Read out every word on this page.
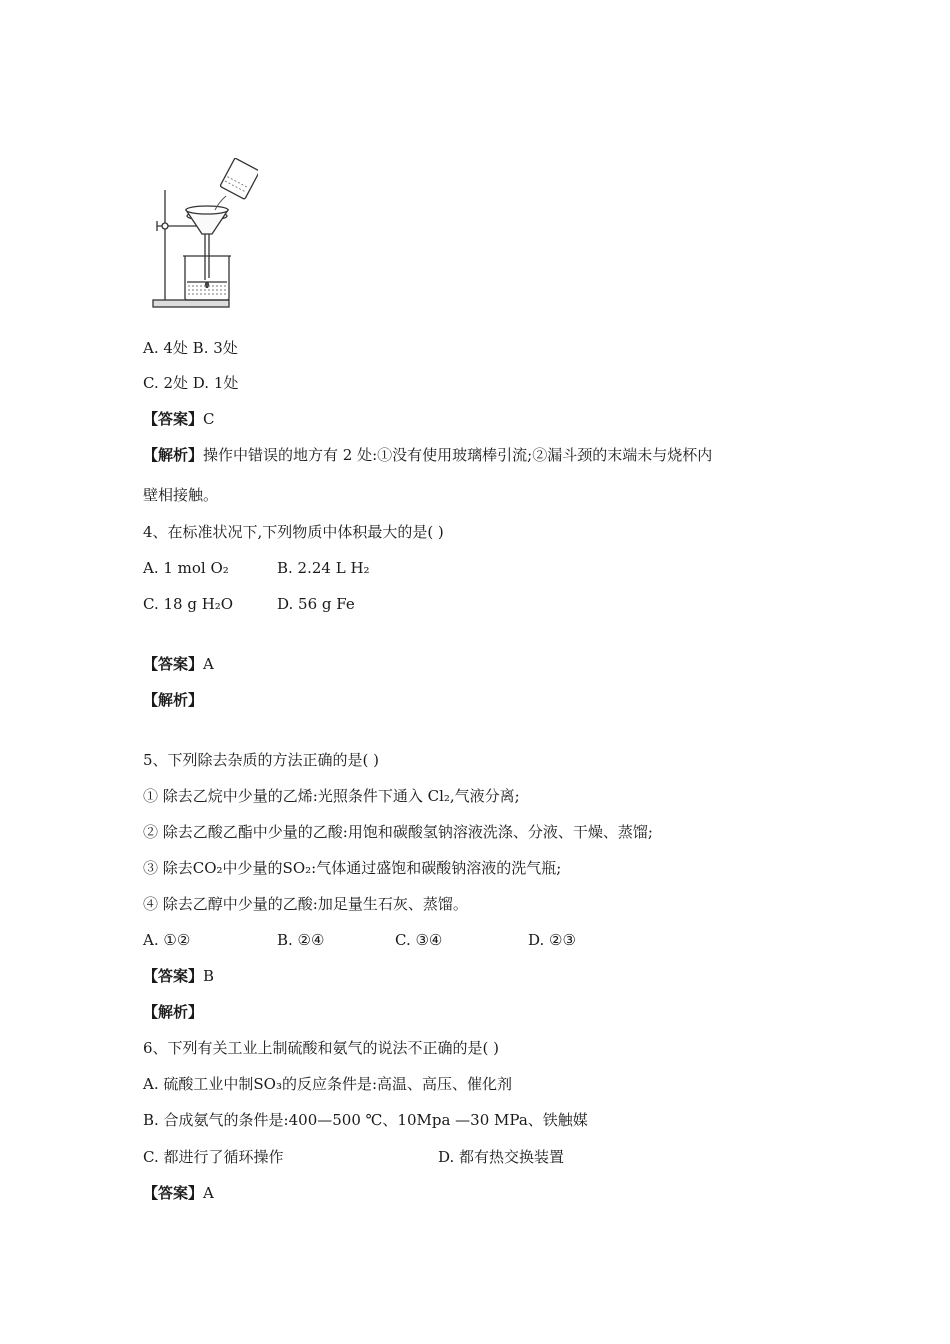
A. 4处 B. 3处
C. 2处 D. 1处
【答案】C
【解析】操作中错误的地方有 2 处:①没有使用玻璃棒引流;②漏斗颈的末端未与烧杯内
壁相接触。
4、在标准状况下,下列物质中体积最大的是( )
A. 1 mol O₂	B. 2.24 L H₂
C. 18 g H₂O	D. 56 g Fe
【答案】A
【解析】
5、下列除去杂质的方法正确的是( )
① 除去乙烷中少量的乙烯:光照条件下通入 Cl₂,气液分离;
② 除去乙酸乙酯中少量的乙酸:用饱和碳酸氢钠溶液洗涤、分液、干燥、蒸馏;
③ 除去CO₂中少量的SO₂:气体通过盛饱和碳酸钠溶液的洗气瓶;
④ 除去乙醇中少量的乙酸:加足量生石灰、蒸馏。
A. ①②	B. ②④	C. ③④	D. ②③
【答案】B
【解析】
6、下列有关工业上制硫酸和氨气的说法不正确的是( )
A. 硫酸工业中制SO₃的反应条件是:高温、高压、催化剂
B. 合成氨气的条件是:400—500 ℃、10Mpa —30 MPa、铁触媒
C. 都进行了循环操作	D. 都有热交换装置
【答案】A
